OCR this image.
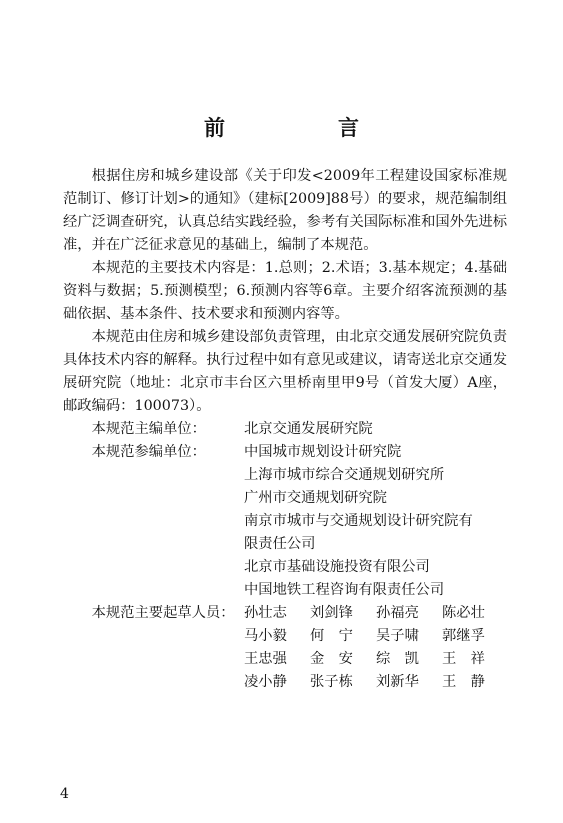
前　言

根据住房和城乡建设部《关于印发<2009年工程建设国家标准规范制订、修订计划>的通知》（建标[2009]88号）的要求，规范编制组经广泛调查研究，认真总结实践经验，参考有关国际标准和国外先进标准，并在广泛征求意见的基础上，编制了本规范。

本规范的主要技术内容是：1.总则；2.术语；3.基本规定；4.基础资料与数据；5.预测模型；6.预测内容等6章。主要介绍客流预测的基础依据、基本条件、技术要求和预测内容等。

本规范由住房和城乡建设部负责管理，由北京交通发展研究院负责具体技术内容的解释。执行过程中如有意见或建议，请寄送北京交通发展研究院（地址：北京市丰台区六里桥南里甲9号（首发大厦）A座，邮政编码：100073）。

本规范主编单位：	北京交通发展研究院
本规范参编单位：	中国城市规划设计研究院
上海市城市综合交通规划研究所
广州市交通规划研究院
南京市城市与交通规划设计研究院有
限责任公司
北京市基础设施投资有限公司
中国地铁工程咨询有限责任公司
本规范主要起草人员： 孙壮志 刘剑锋 孙福亮 陈必壮
马小毅 何　宁 吴子啸 郭继孚
王忠强 金　安 综　凯 王　祥
凌小静 张子栋 刘新华 王　静
4
